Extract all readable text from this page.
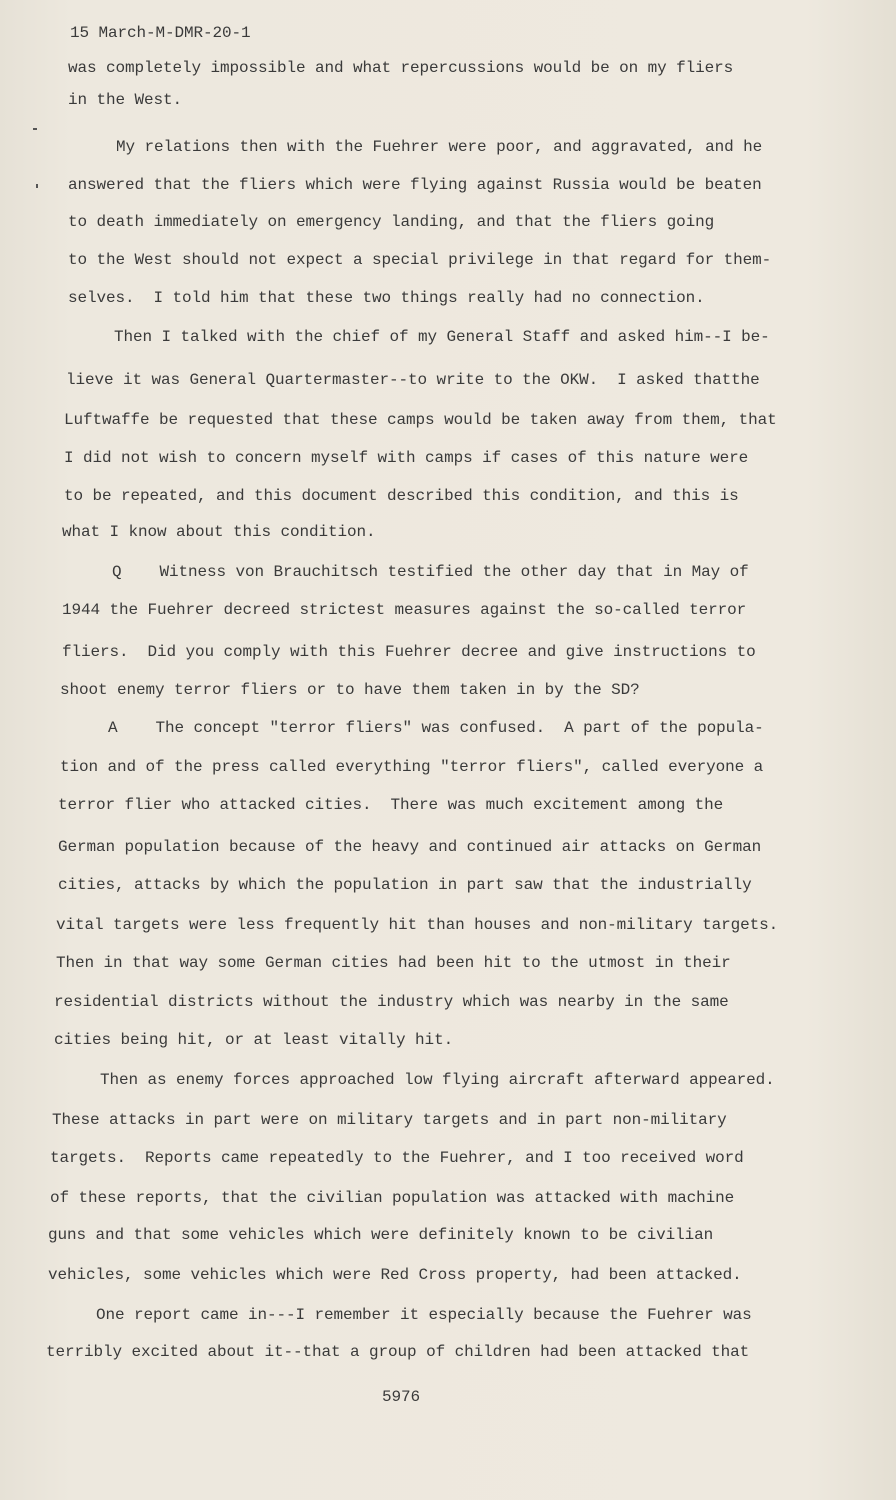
15 March-M-DMR-20-1
was completely impossible and what repercussions would be on my fliers
in the West.
My relations then with the Fuehrer were poor, and aggravated, and he
answered that the fliers which were flying against Russia would be beaten
to death immediately on emergency landing, and that the fliers going
to the West should not expect a special privilege in that regard for them-
selves.  I told him that these two things really had no connection.
Then I talked with the chief of my General Staff and asked him--I be-
lieve it was General Quartermaster--to write to the OKW.  I asked thatthe
Luftwaffe be requested that these camps would be taken away from them, that
I did not wish to concern myself with camps if cases of this nature were
to be repeated, and this document described this condition, and this is
what I know about this condition.
Q    Witness von Brauchitsch testified the other day that in May of
1944 the Fuehrer decreed strictest measures against the so-called terror
fliers.  Did you comply with this Fuehrer decree and give instructions to
shoot enemy terror fliers or to have them taken in by the SD?
A    The concept "terror fliers" was confused.  A part of the popula-
tion and of the press called everything "terror fliers", called everyone a
terror flier who attacked cities.  There was much excitement among the
German population because of the heavy and continued air attacks on German
cities, attacks by which the population in part saw that the industrially
vital targets were less frequently hit than houses and non-military targets.
Then in that way some German cities had been hit to the utmost in their
residential districts without the industry which was nearby in the same
cities being hit, or at least vitally hit.
Then as enemy forces approached low flying aircraft afterward appeared.
These attacks in part were on military targets and in part non-military
targets.  Reports came repeatedly to the Fuehrer, and I too received word
of these reports, that the civilian population was attacked with machine
guns and that some vehicles which were definitely known to be civilian
vehicles, some vehicles which were Red Cross property, had been attacked.
One report came in---I remember it especially because the Fuehrer was
terribly excited about it--that a group of children had been attacked that
5976
